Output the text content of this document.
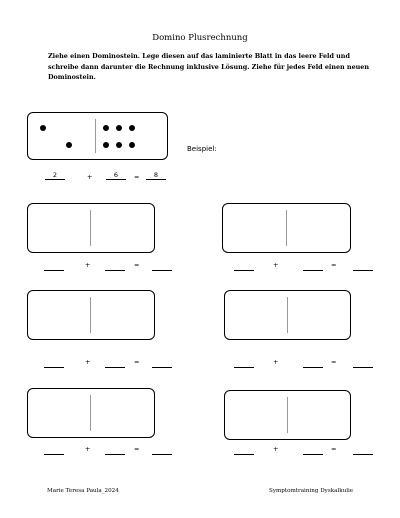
Domino Plusrechnung
Ziehe einen Dominostein. Lege diesen auf das laminierte Blatt in das leere Feld und schreibe dann darunter die Rechnung inklusive Lösung. Ziehe für jedes Feld einen neuen Dominostein.
Beispiel:
2	+	6	=	8
+	=	+	=
+	=	+	=
+	=	+	=
Marie Teresa Paula_2024	Symptomtraining Dyskalkulie
